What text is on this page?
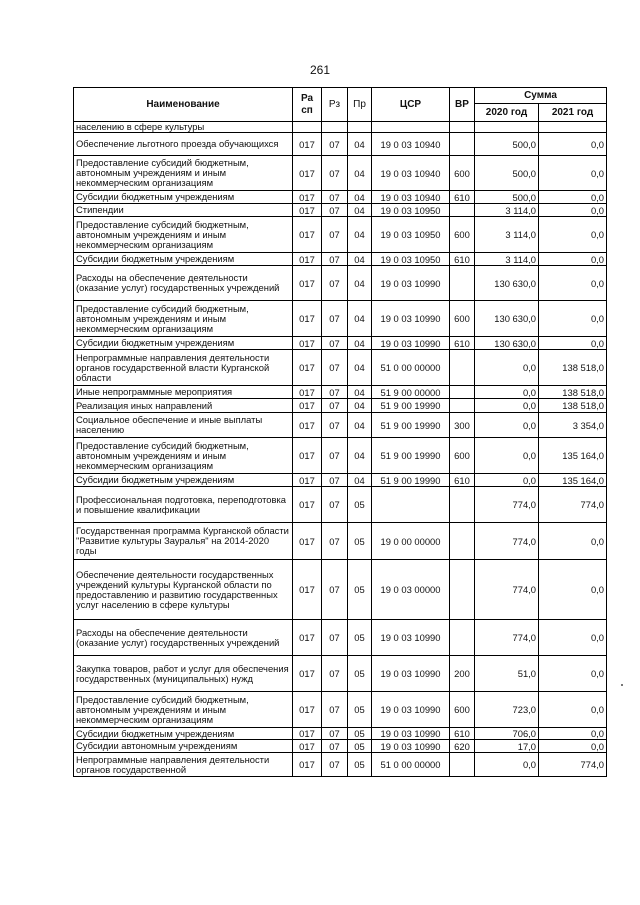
261
Наименование	Ра сп	Рз	Пр	ЦСР	ВР	Сумма	
						2020 год	2021 год
населению в сфере культуры							
Обеспечение льготного проезда обучающихся	017	07	04	19 0 03 10940		500,0	0,0
Предоставление субсидий бюджетным, автономным учреждениям и иным некоммерческим организациям	017	07	04	19 0 03 10940	600	500,0	0,0
Субсидии бюджетным учреждениям	017	07	04	19 0 03 10940	610	500,0	0,0
Стипендии	017	07	04	19 0 03 10950		3 114,0	0,0
Предоставление субсидий бюджетным, автономным учреждениям и иным некоммерческим организациям	017	07	04	19 0 03 10950	600	3 114,0	0,0
Субсидии бюджетным учреждениям	017	07	04	19 0 03 10950	610	3 114,0	0,0
Расходы на обеспечение деятельности (оказание услуг) государственных учреждений	017	07	04	19 0 03 10990		130 630,0	0,0
Предоставление субсидий бюджетным, автономным учреждениям и иным некоммерческим организациям	017	07	04	19 0 03 10990	600	130 630,0	0,0
Субсидии бюджетным учреждениям	017	07	04	19 0 03 10990	610	130 630,0	0,0
Непрограммные направления деятельности органов государственной власти Курганской области	017	07	04	51 0 00 00000		0,0	138 518,0
Иные непрограммные мероприятия	017	07	04	51 9 00 00000		0,0	138 518,0
Реализация иных направлений	017	07	04	51 9 00 19990		0,0	138 518,0
Социальное обеспечение и иные выплаты населению	017	07	04	51 9 00 19990	300	0,0	3 354,0
Предоставление субсидий бюджетным, автономным учреждениям и иным некоммерческим организациям	017	07	04	51 9 00 19990	600	0,0	135 164,0
Субсидии бюджетным учреждениям	017	07	04	51 9 00 19990	610	0,0	135 164,0
Профессиональная подготовка, переподготовка и повышение квалификации	017	07	05			774,0	774,0
Государственная программа Курганской области "Развитие культуры Зауралья" на 2014-2020 годы	017	07	05	19 0 00 00000		774,0	0,0
Обеспечение деятельности государственных учреждений культуры Курганской области по предоставлению и развитию государственных услуг населению в сфере культуры	017	07	05	19 0 03 00000		774,0	0,0
Расходы на обеспечение деятельности (оказание услуг) государственных учреждений	017	07	05	19 0 03 10990		774,0	0,0
Закупка товаров, работ и услуг для обеспечения государственных (муниципальных) нужд	017	07	05	19 0 03 10990	200	51,0	0,0
Предоставление субсидий бюджетным, автономным учреждениям и иным некоммерческим организациям	017	07	05	19 0 03 10990	600	723,0	0,0
Субсидии бюджетным учреждениям	017	07	05	19 0 03 10990	610	706,0	0,0
Субсидии автономным учреждениям	017	07	05	19 0 03 10990	620	17,0	0,0
Непрограммные направления деятельности органов государственной	017	07	05	51 0 00 00000		0,0	774,0
